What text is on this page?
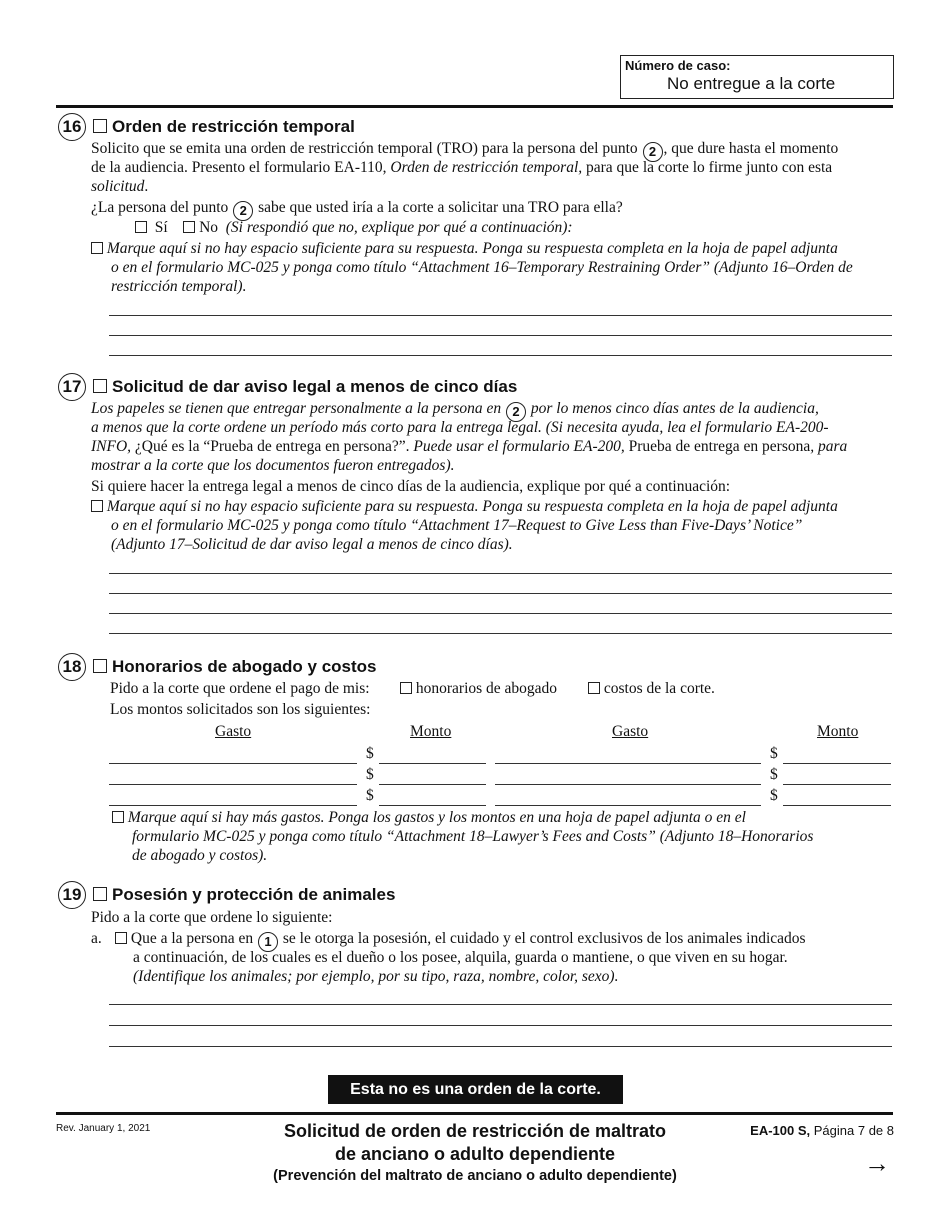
Número de caso:
No entregue a la corte
16	Orden de restricción temporal
Solicito que se emita una orden de restricción temporal (TRO) para la persona del punto 2 , que dure hasta el momento
de la audiencia. Presento el formulario EA-110, Orden de restricción temporal, para que la corte lo firme junto con esta
solicitud.
¿La persona del punto 2 sabe que usted iría a la corte a solicitar una TRO para ella?
Sí No (Si respondió que no, explique por qué a continuación):
Marque aquí si no hay espacio suficiente para su respuesta. Ponga su respuesta completa en la hoja de papel adjunta
o en el formulario MC-025 y ponga como título “Attachment 16–Temporary Restraining Order” (Adjunto 16–Orden de
restricción temporal).
17	Solicitud de dar aviso legal a menos de cinco días
Los papeles se tienen que entregar personalmente a la persona en 2 por lo menos cinco días antes de la audiencia,
a menos que la corte ordene un período más corto para la entrega legal. (Si necesita ayuda, lea el formulario EA-200-
INFO, ¿Qué es la “Prueba de entrega en persona?”. Puede usar el formulario EA-200, Prueba de entrega en persona, para
mostrar a la corte que los documentos fueron entregados).
Si quiere hacer la entrega legal a menos de cinco días de la audiencia, explique por qué a continuación:
Marque aquí si no hay espacio suficiente para su respuesta. Ponga su respuesta completa en la hoja de papel adjunta
o en el formulario MC-025 y ponga como título “Attachment 17–Request to Give Less than Five-Days’ Notice”
(Adjunto 17–Solicitud de dar aviso legal a menos de cinco días).
18	Honorarios de abogado y costos
Pido a la corte que ordene el pago de mis:	honorarios de abogado	costos de la corte.
Los montos solicitados son los siguientes:
Gasto	Monto	Gasto	Monto
$	$
$	$
$	$
Marque aquí si hay más gastos. Ponga los gastos y los montos en una hoja de papel adjunta o en el
formulario MC-025 y ponga como título “Attachment 18–Lawyer’s Fees and Costs” (Adjunto 18–Honorarios
de abogado y costos).
19	Posesión y protección de animales
Pido a la corte que ordene lo siguiente:
a.	Que a la persona en 1 se le otorga la posesión, el cuidado y el control exclusivos de los animales indicados
a continuación, de los cuales es el dueño o los posee, alquila, guarda o mantiene, o que viven en su hogar.
(Identifique los animales; por ejemplo, por su tipo, raza, nombre, color, sexo).
Esta no es una orden de la corte.
Rev. January 1, 2021	Solicitud de orden de restricción de maltrato
de anciano o adulto dependiente
(Prevención del maltrato de anciano o adulto dependiente)
EA-100 S, Página 7 de 8
→
